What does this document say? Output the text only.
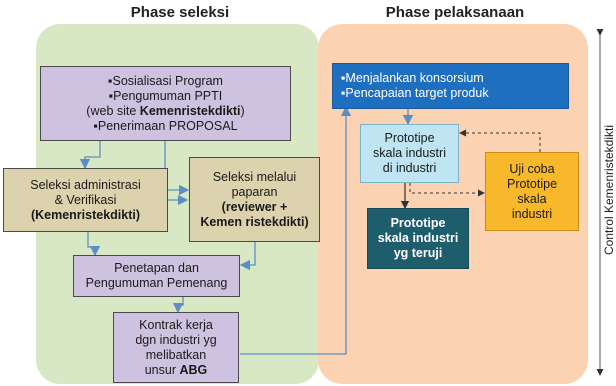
Phase seleksi	Phase pelaksanaan
▪Sosialisasi Program
▪Pengumuman PPTI
(web site Kemenristekdikti)
▪Penerimaan PROPOSAL
Seleksi administrasi
& Verifikasi
(Kemenristekdikti)
Seleksi melalui
paparan
(reviewer +
Kemen ristekdikti)
Penetapan dan
Pengumuman Pemenang
Kontrak kerja
dgn industri yg
melibatkan
unsur ABG
▪Menjalankan konsorsium
▪Pencapaian target produk
Prototipe
skala industri
di industri	Uji coba
Prototipe
skala
industri
Prototipe
skala industri
yg teruji	Control Kemenristekdikti
